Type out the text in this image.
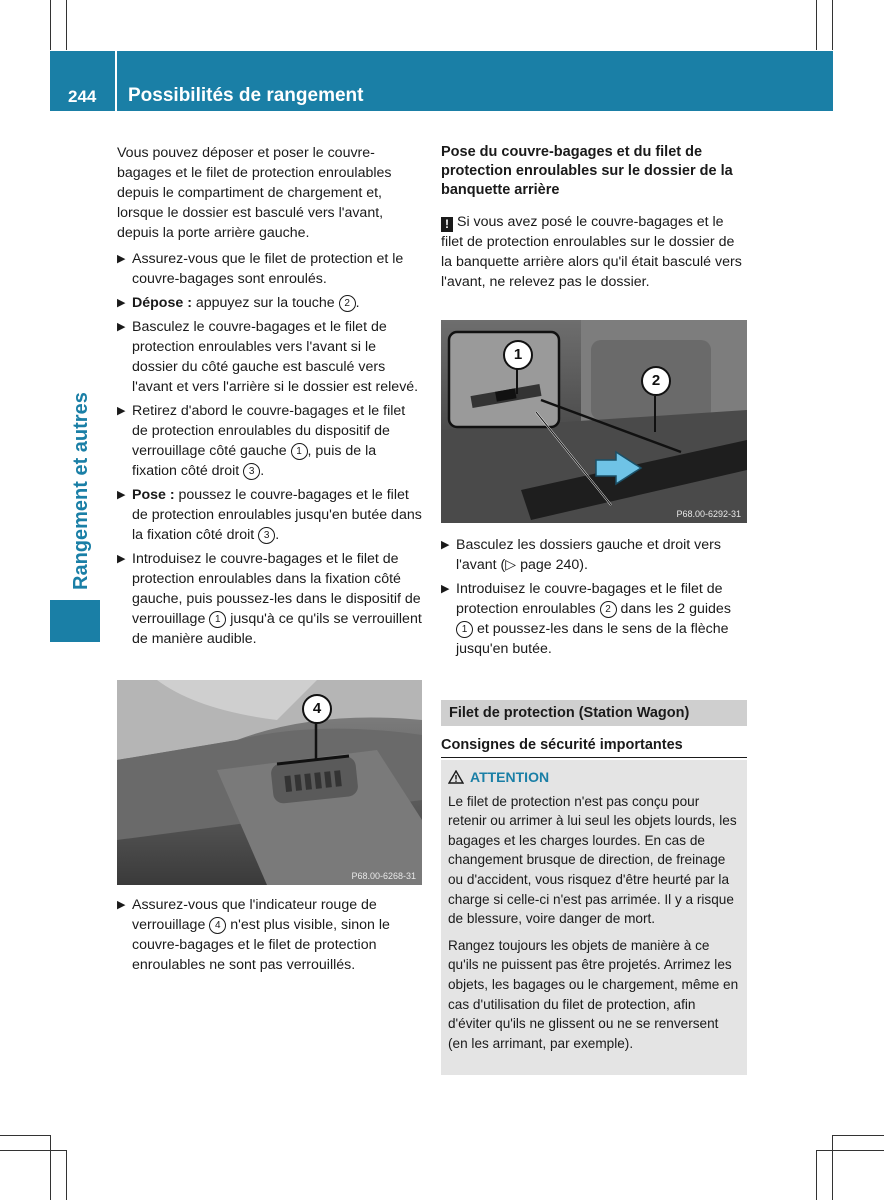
244 Possibilités de rangement
Rangement et autres

Vous pouvez déposer et poser le couvre-bagages et le filet de protection enroulables depuis le compartiment de chargement et, lorsque le dossier est basculé vers l'avant, depuis la porte arrière gauche.

▶ Assurez-vous que le filet de protection et le couvre-bagages sont enroulés.
▶ Dépose : appuyez sur la touche 2 .
▶ Basculez le couvre-bagages et le filet de protection enroulables vers l'avant si le dossier du côté gauche est basculé vers l'avant et vers l'arrière si le dossier est relevé.
▶ Retirez d'abord le couvre-bagages et le filet de protection enroulables du dispositif de verrouillage côté gauche 1 , puis de la fixation côté droit 3 .
▶ Pose : poussez le couvre-bagages et le filet de protection enroulables jusqu'en butée dans la fixation côté droit 3 .
▶ Introduisez le couvre-bagages et le filet de protection enroulables dans la fixation côté gauche, puis poussez-les dans le dispositif de verrouillage 1 jusqu'à ce qu'ils se verrouillent de manière audible.
4
P68.00-6268-31
▶ Assurez-vous que l'indicateur rouge de verrouillage 4 n'est plus visible, sinon le couvre-bagages et le filet de protection enroulables ne sont pas verrouillés.
Pose du couvre-bagages et du filet de protection enroulables sur le dossier de la banquette arrière

! Si vous avez posé le couvre-bagages et le filet de protection enroulables sur le dossier de la banquette arrière alors qu'il était basculé vers l'avant, ne relevez pas le dossier.

1
2
P68.00-6292-31
▶ Basculez les dossiers gauche et droit vers l'avant (▷ page 240).
▶ Introduisez le couvre-bagages et le filet de protection enroulables 2 dans les 2 guides 1 et poussez-les dans le sens de la flèche jusqu'en butée.
Filet de protection (Station Wagon)
Consignes de sécurité importantes
ATTENTION

Le filet de protection n'est pas conçu pour retenir ou arrimer à lui seul les objets lourds, les bagages et les charges lourdes. En cas de changement brusque de direction, de freinage ou d'accident, vous risquez d'être heurté par la charge si celle-ci n'est pas arrimée. Il y a risque de blessure, voire danger de mort.

Rangez toujours les objets de manière à ce qu'ils ne puissent pas être projetés. Arrimez les objets, les bagages ou le chargement, même en cas d'utilisation du filet de protection, afin d'éviter qu'ils ne glissent ou ne se renversent (en les arrimant, par exemple).
